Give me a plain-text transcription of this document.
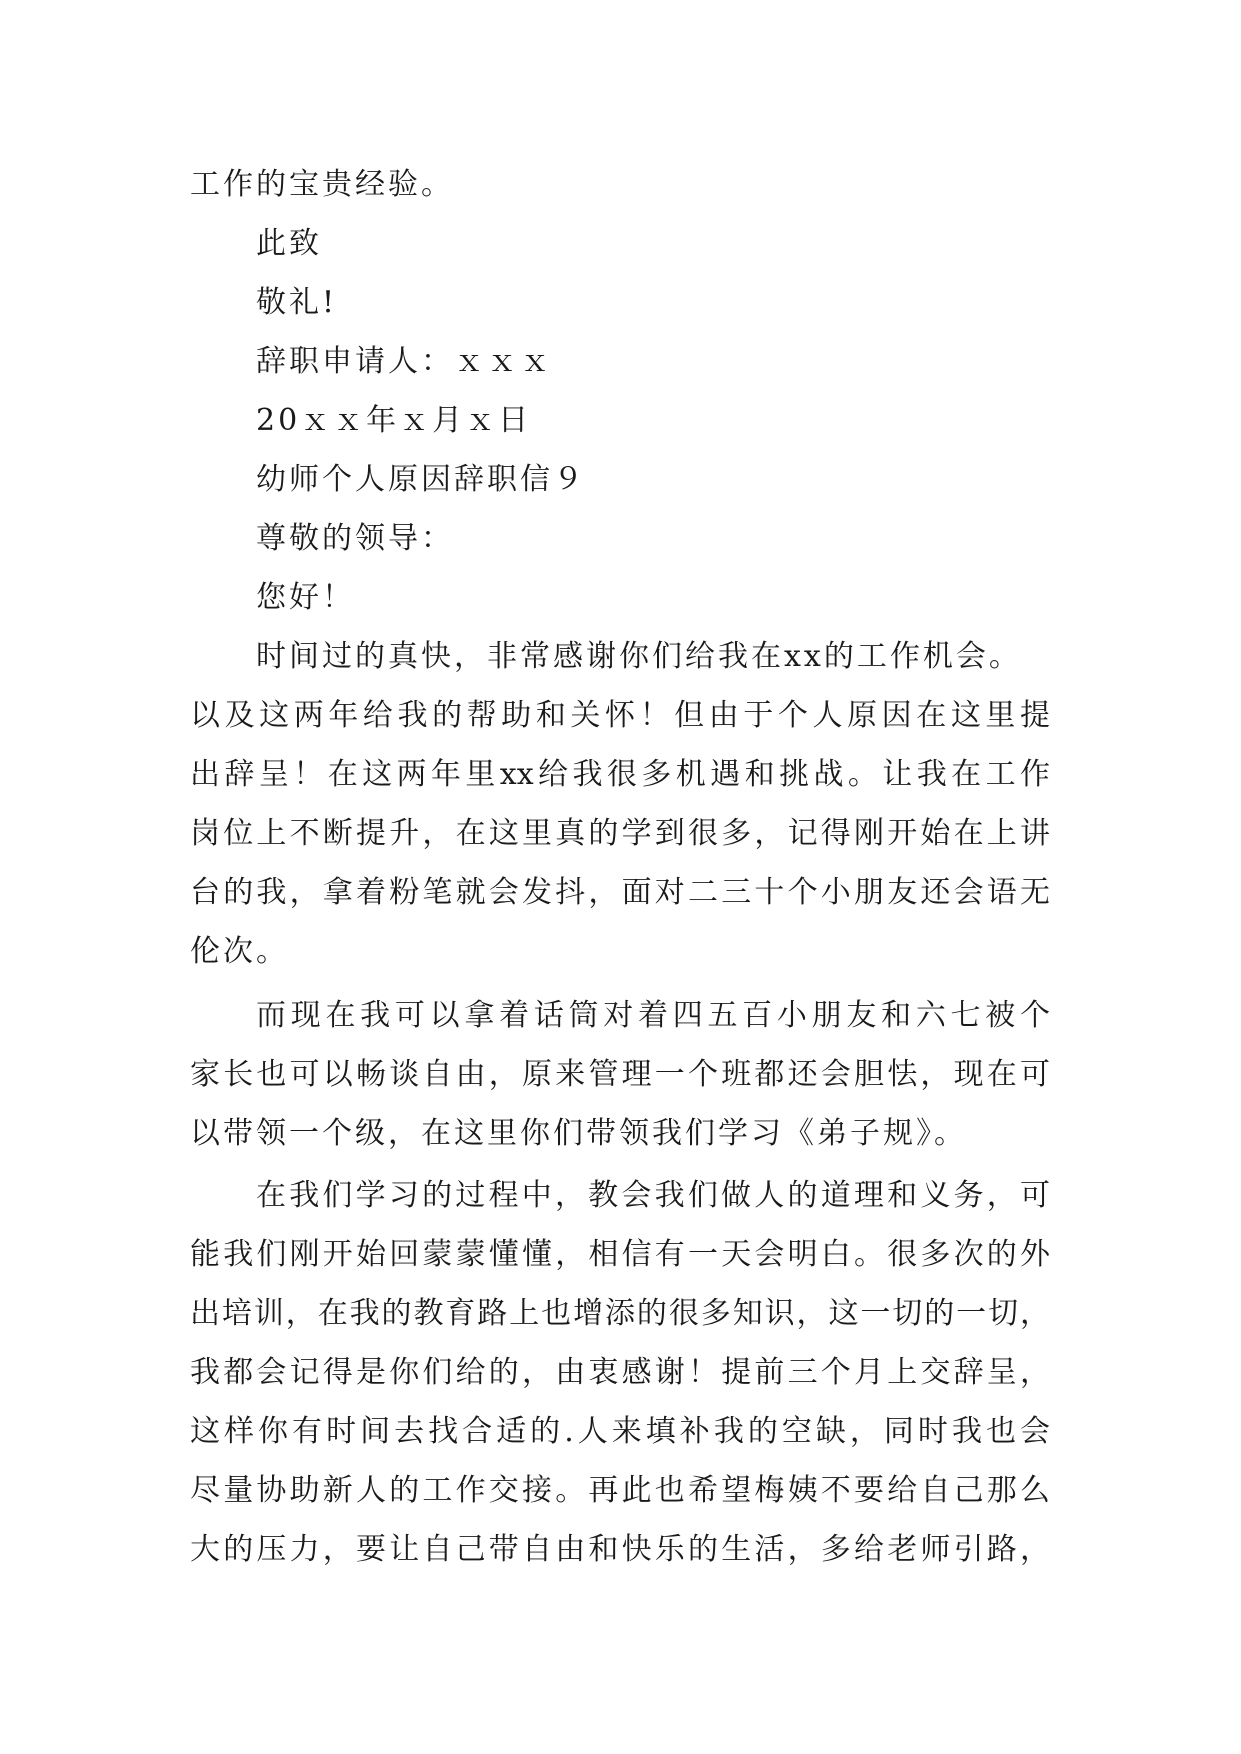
工作的宝贵经验。
此致
敬礼!
辞职申请人：ｘｘｘ
20ｘｘ年ｘ月ｘ日
幼师个人原因辞职信９
尊敬的领导：
您好！
时间过的真快，非常感谢你们给我在xx的工作机会。
以及这两年给我的帮助和关怀！但由于个人原因在这里提
出辞呈！在这两年里xx给我很多机遇和挑战。让我在工作
岗位上不断提升，在这里真的学到很多，记得刚开始在上讲
台的我，拿着粉笔就会发抖，面对二三十个小朋友还会语无
伦次。
而现在我可以拿着话筒对着四五百小朋友和六七被个
家长也可以畅谈自由，原来管理一个班都还会胆怯，现在可
以带领一个级，在这里你们带领我们学习《弟子规》。
在我们学习的过程中，教会我们做人的道理和义务，可
能我们刚开始回蒙蒙懂懂，相信有一天会明白。很多次的外
出培训，在我的教育路上也增添的很多知识，这一切的一切，
我都会记得是你们给的，由衷感谢！提前三个月上交辞呈，
这样你有时间去找合适的.人来填补我的空缺，同时我也会
尽量协助新人的工作交接。再此也希望梅姨不要给自己那么
大的压力，要让自己带自由和快乐的生活，多给老师引路，
